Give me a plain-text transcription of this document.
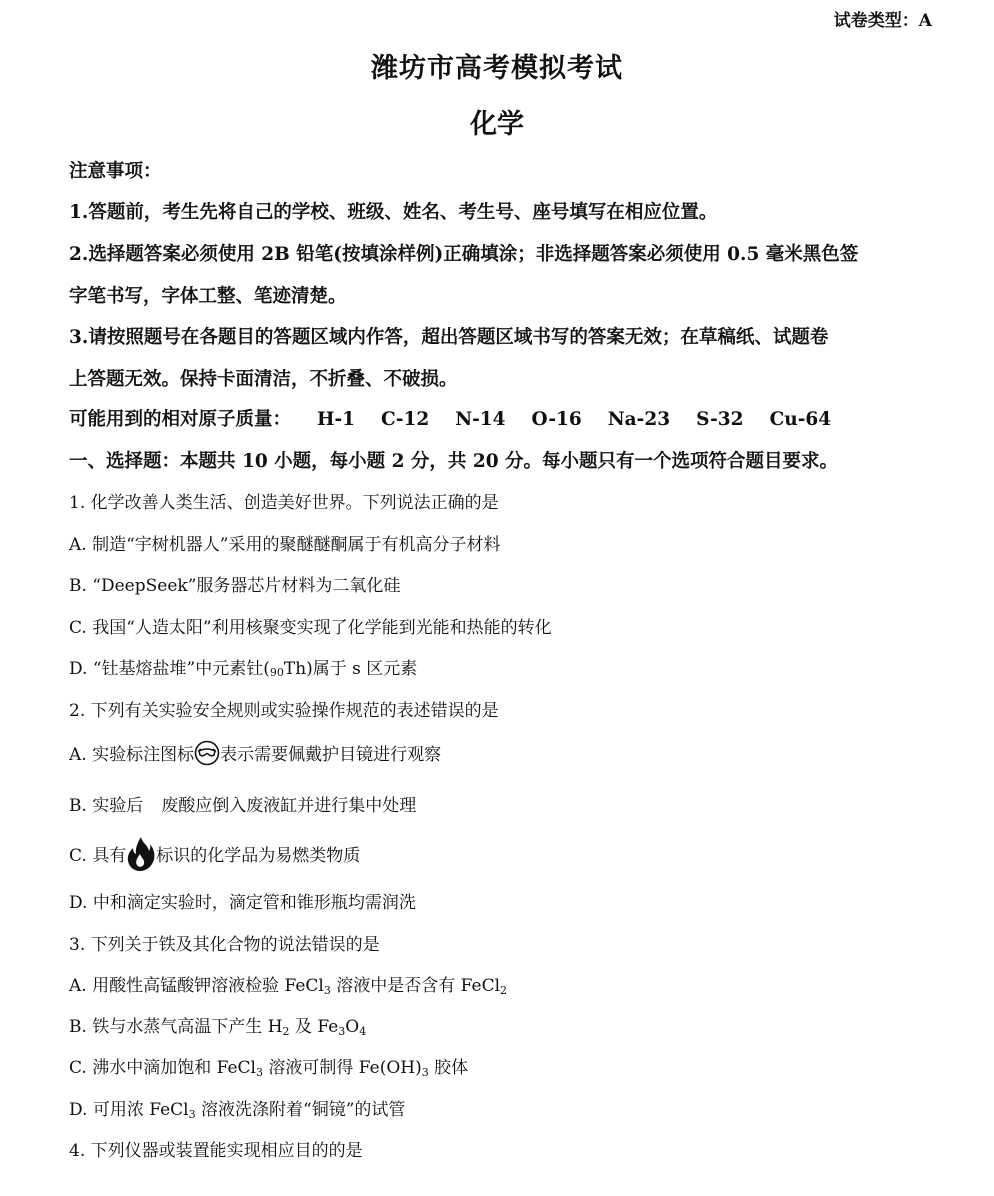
试卷类型：A
潍坊市高考模拟考试
化学
注意事项：
1.答题前，考生先将自己的学校、班级、姓名、考生号、座号填写在相应位置。
2.选择题答案必须使用 2B 铅笔(按填涂样例)正确填涂；非选择题答案必须使用 0.5 毫米黑色签
字笔书写，字体工整、笔迹清楚。
3.请按照题号在各题目的答题区域内作答，超出答题区域书写的答案无效；在草稿纸、试题卷
上答题无效。保持卡面清洁，不折叠、不破损。
可能用到的相对原子质量： H-1 C-12 N-14 O-16 Na-23 S-32 Cu-64
一、选择题：本题共 10 小题，每小题 2 分，共 20 分。每小题只有一个选项符合题目要求。
1. 化学改善人类生活、创造美好世界。下列说法正确的是
A. 制造“宇树机器人”采用的聚醚醚酮属于有机高分子材料
B. “DeepSeek”服务器芯片材料为二氧化硅
C. 我国“人造太阳”利用核聚变实现了化学能到光能和热能的转化
D. “钍基熔盐堆”中元素钍(90Th)属于 s 区元素
2. 下列有关实验安全规则或实验操作规范的表述错误的是
A. 实验标注图标 表示需要佩戴护目镜进行观察
B. 实验后 废酸应倒入废液缸并进行集中处理
C. 具有 标识的化学品为易燃类物质
D. 中和滴定实验时，滴定管和锥形瓶均需润洗
3. 下列关于铁及其化合物的说法错误的是
A. 用酸性高锰酸钾溶液检验 FeCl$_3$ 溶液中是否含有 FeCl$_2$
B. 铁与水蒸气高温下产生 $H_2$ 及 $Fe_3O_4$
C. 沸水中滴加饱和 FeCl$_3$ 溶液可制得 $Fe(OH)_3$ 胶体
D. 可用浓 FeCl$_3$ 溶液洗涤附着“铜镜”的试管
4. 下列仪器或装置能实现相应目的的是
